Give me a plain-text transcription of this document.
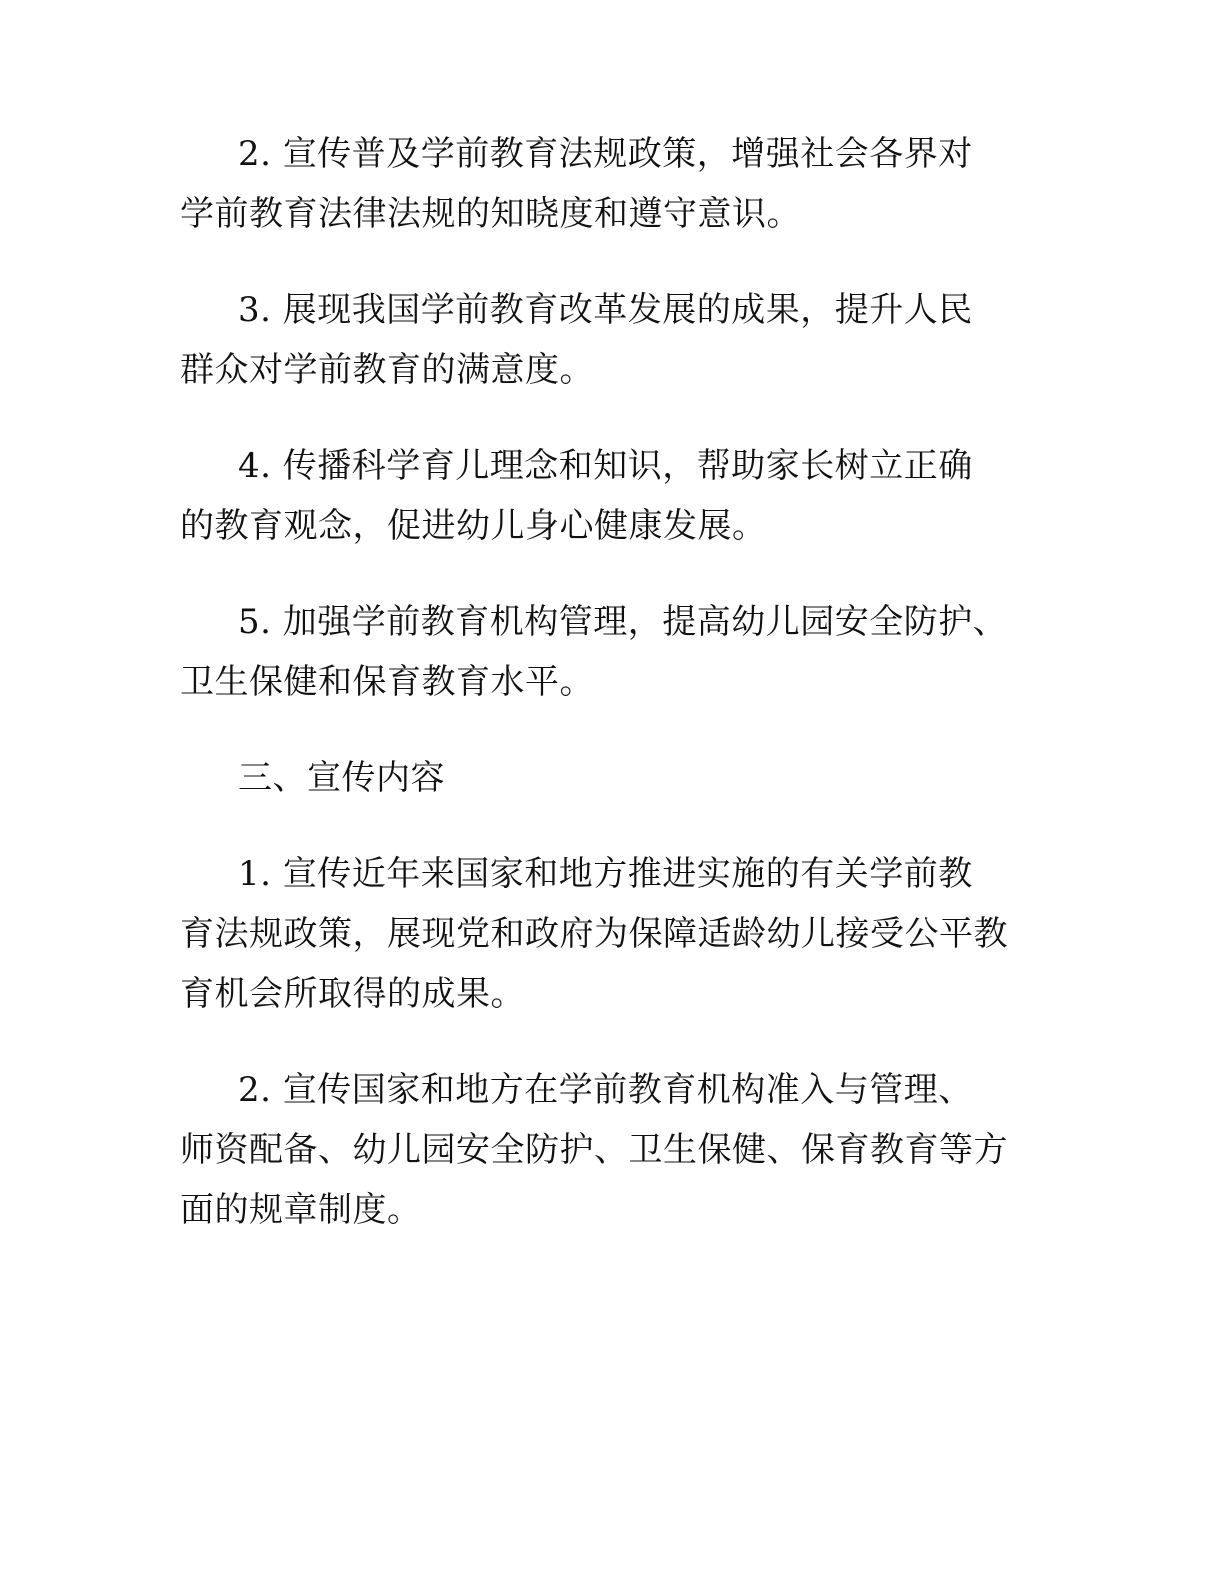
2. 宣传普及学前教育法规政策，增强社会各界对
学前教育法律法规的知晓度和遵守意识。

3. 展现我国学前教育改革发展的成果，提升人民
群众对学前教育的满意度。

4. 传播科学育儿理念和知识，帮助家长树立正确
的教育观念，促进幼儿身心健康发展。

5. 加强学前教育机构管理，提高幼儿园安全防护、
卫生保健和保育教育水平。

三、宣传内容

1. 宣传近年来国家和地方推进实施的有关学前教
育法规政策，展现党和政府为保障适龄幼儿接受公平教
育机会所取得的成果。

2. 宣传国家和地方在学前教育机构准入与管理、
师资配备、幼儿园安全防护、卫生保健、保育教育等方
面的规章制度。
